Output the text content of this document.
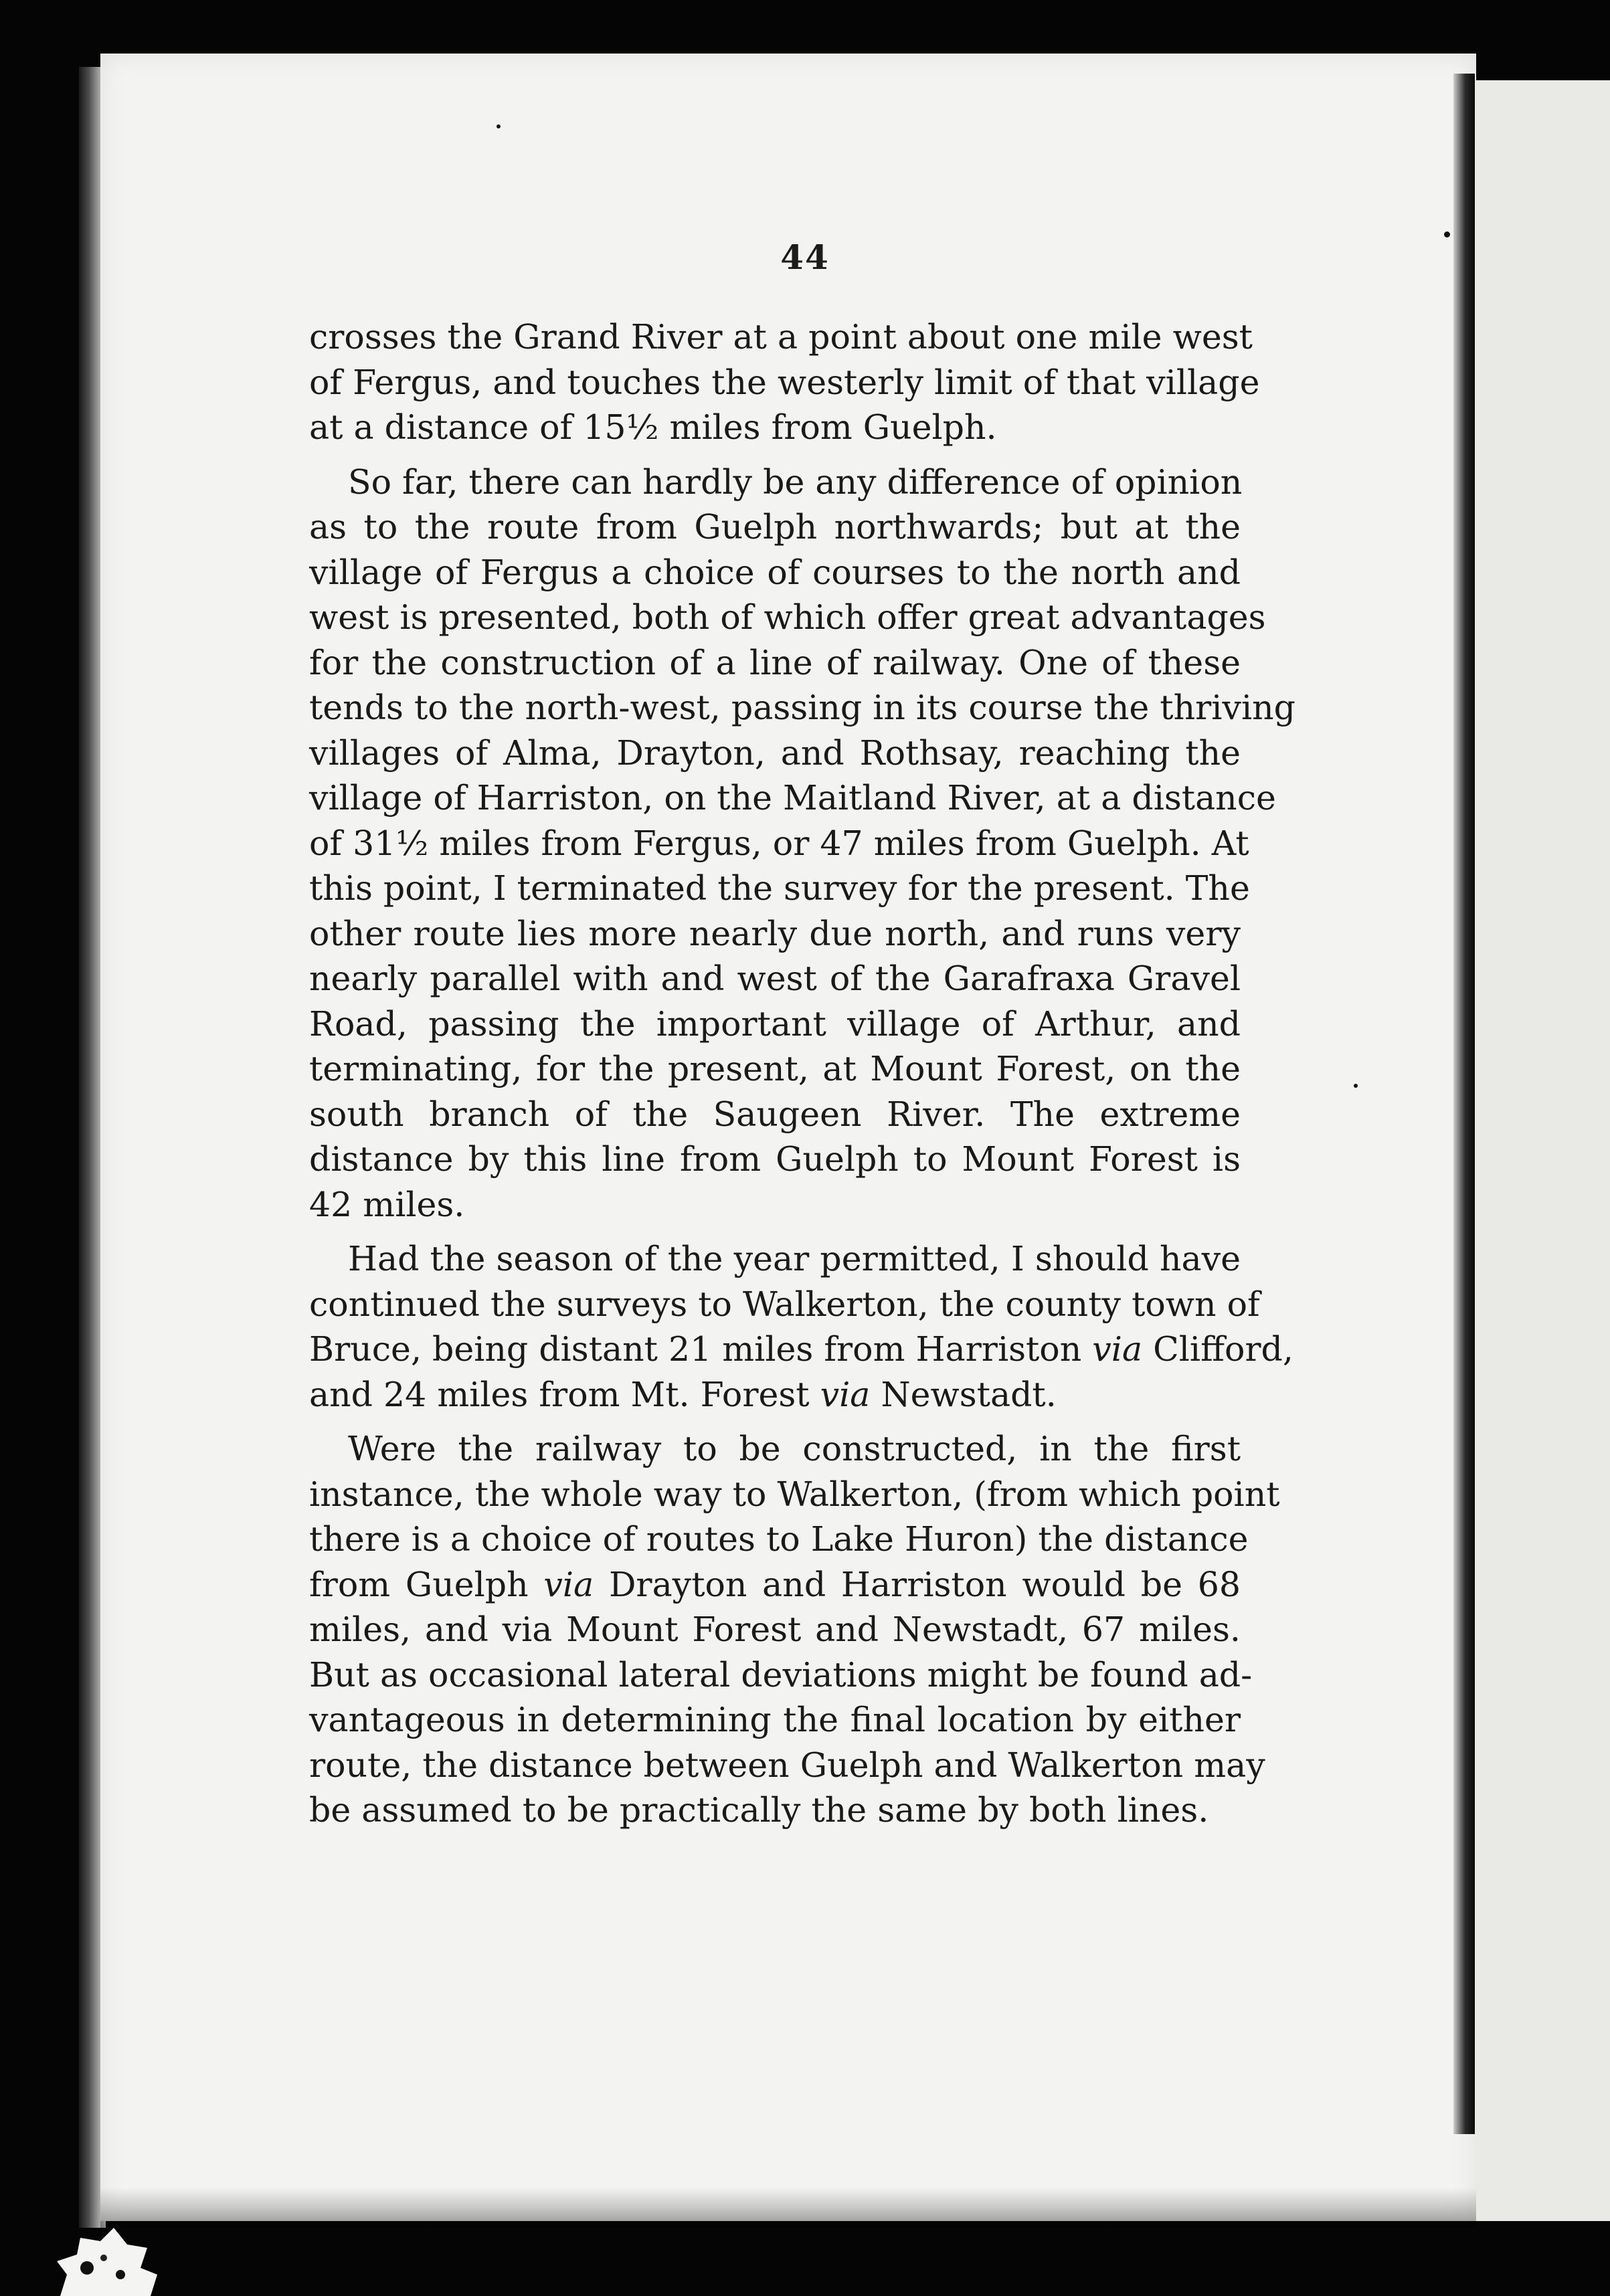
44
crosses the Grand River at a point about one mile west
of Fergus, and touches the westerly limit of that village
at a distance of 15½ miles from Guelph.
So far, there can hardly be any difference of opinion
as to the route from Guelph northwards; but at the
village of Fergus a choice of courses to the north and
west is presented, both of which offer great advantages
for the construction of a line of railway. One of these
tends to the north-west, passing in its course the thriving
villages of Alma, Drayton, and Rothsay, reaching the
village of Harriston, on the Maitland River, at a distance
of 31½ miles from Fergus, or 47 miles from Guelph. At
this point, I terminated the survey for the present. The
other route lies more nearly due north, and runs very
nearly parallel with and west of the Garafraxa Gravel
Road, passing the important village of Arthur, and
terminating, for the present, at Mount Forest, on the
south branch of the Saugeen River. The extreme
distance by this line from Guelph to Mount Forest is
42 miles.
Had the season of the year permitted, I should have
continued the surveys to Walkerton, the county town of
Bruce, being distant 21 miles from Harriston via Clifford,
and 24 miles from Mt. Forest via Newstadt.
Were the railway to be constructed, in the first
instance, the whole way to Walkerton, (from which point
there is a choice of routes to Lake Huron) the distance
from Guelph via Drayton and Harriston would be 68
miles, and via Mount Forest and Newstadt, 67 miles.
But as occasional lateral deviations might be found ad-
vantageous in determining the final location by either
route, the distance between Guelph and Walkerton may
be assumed to be practically the same by both lines.
